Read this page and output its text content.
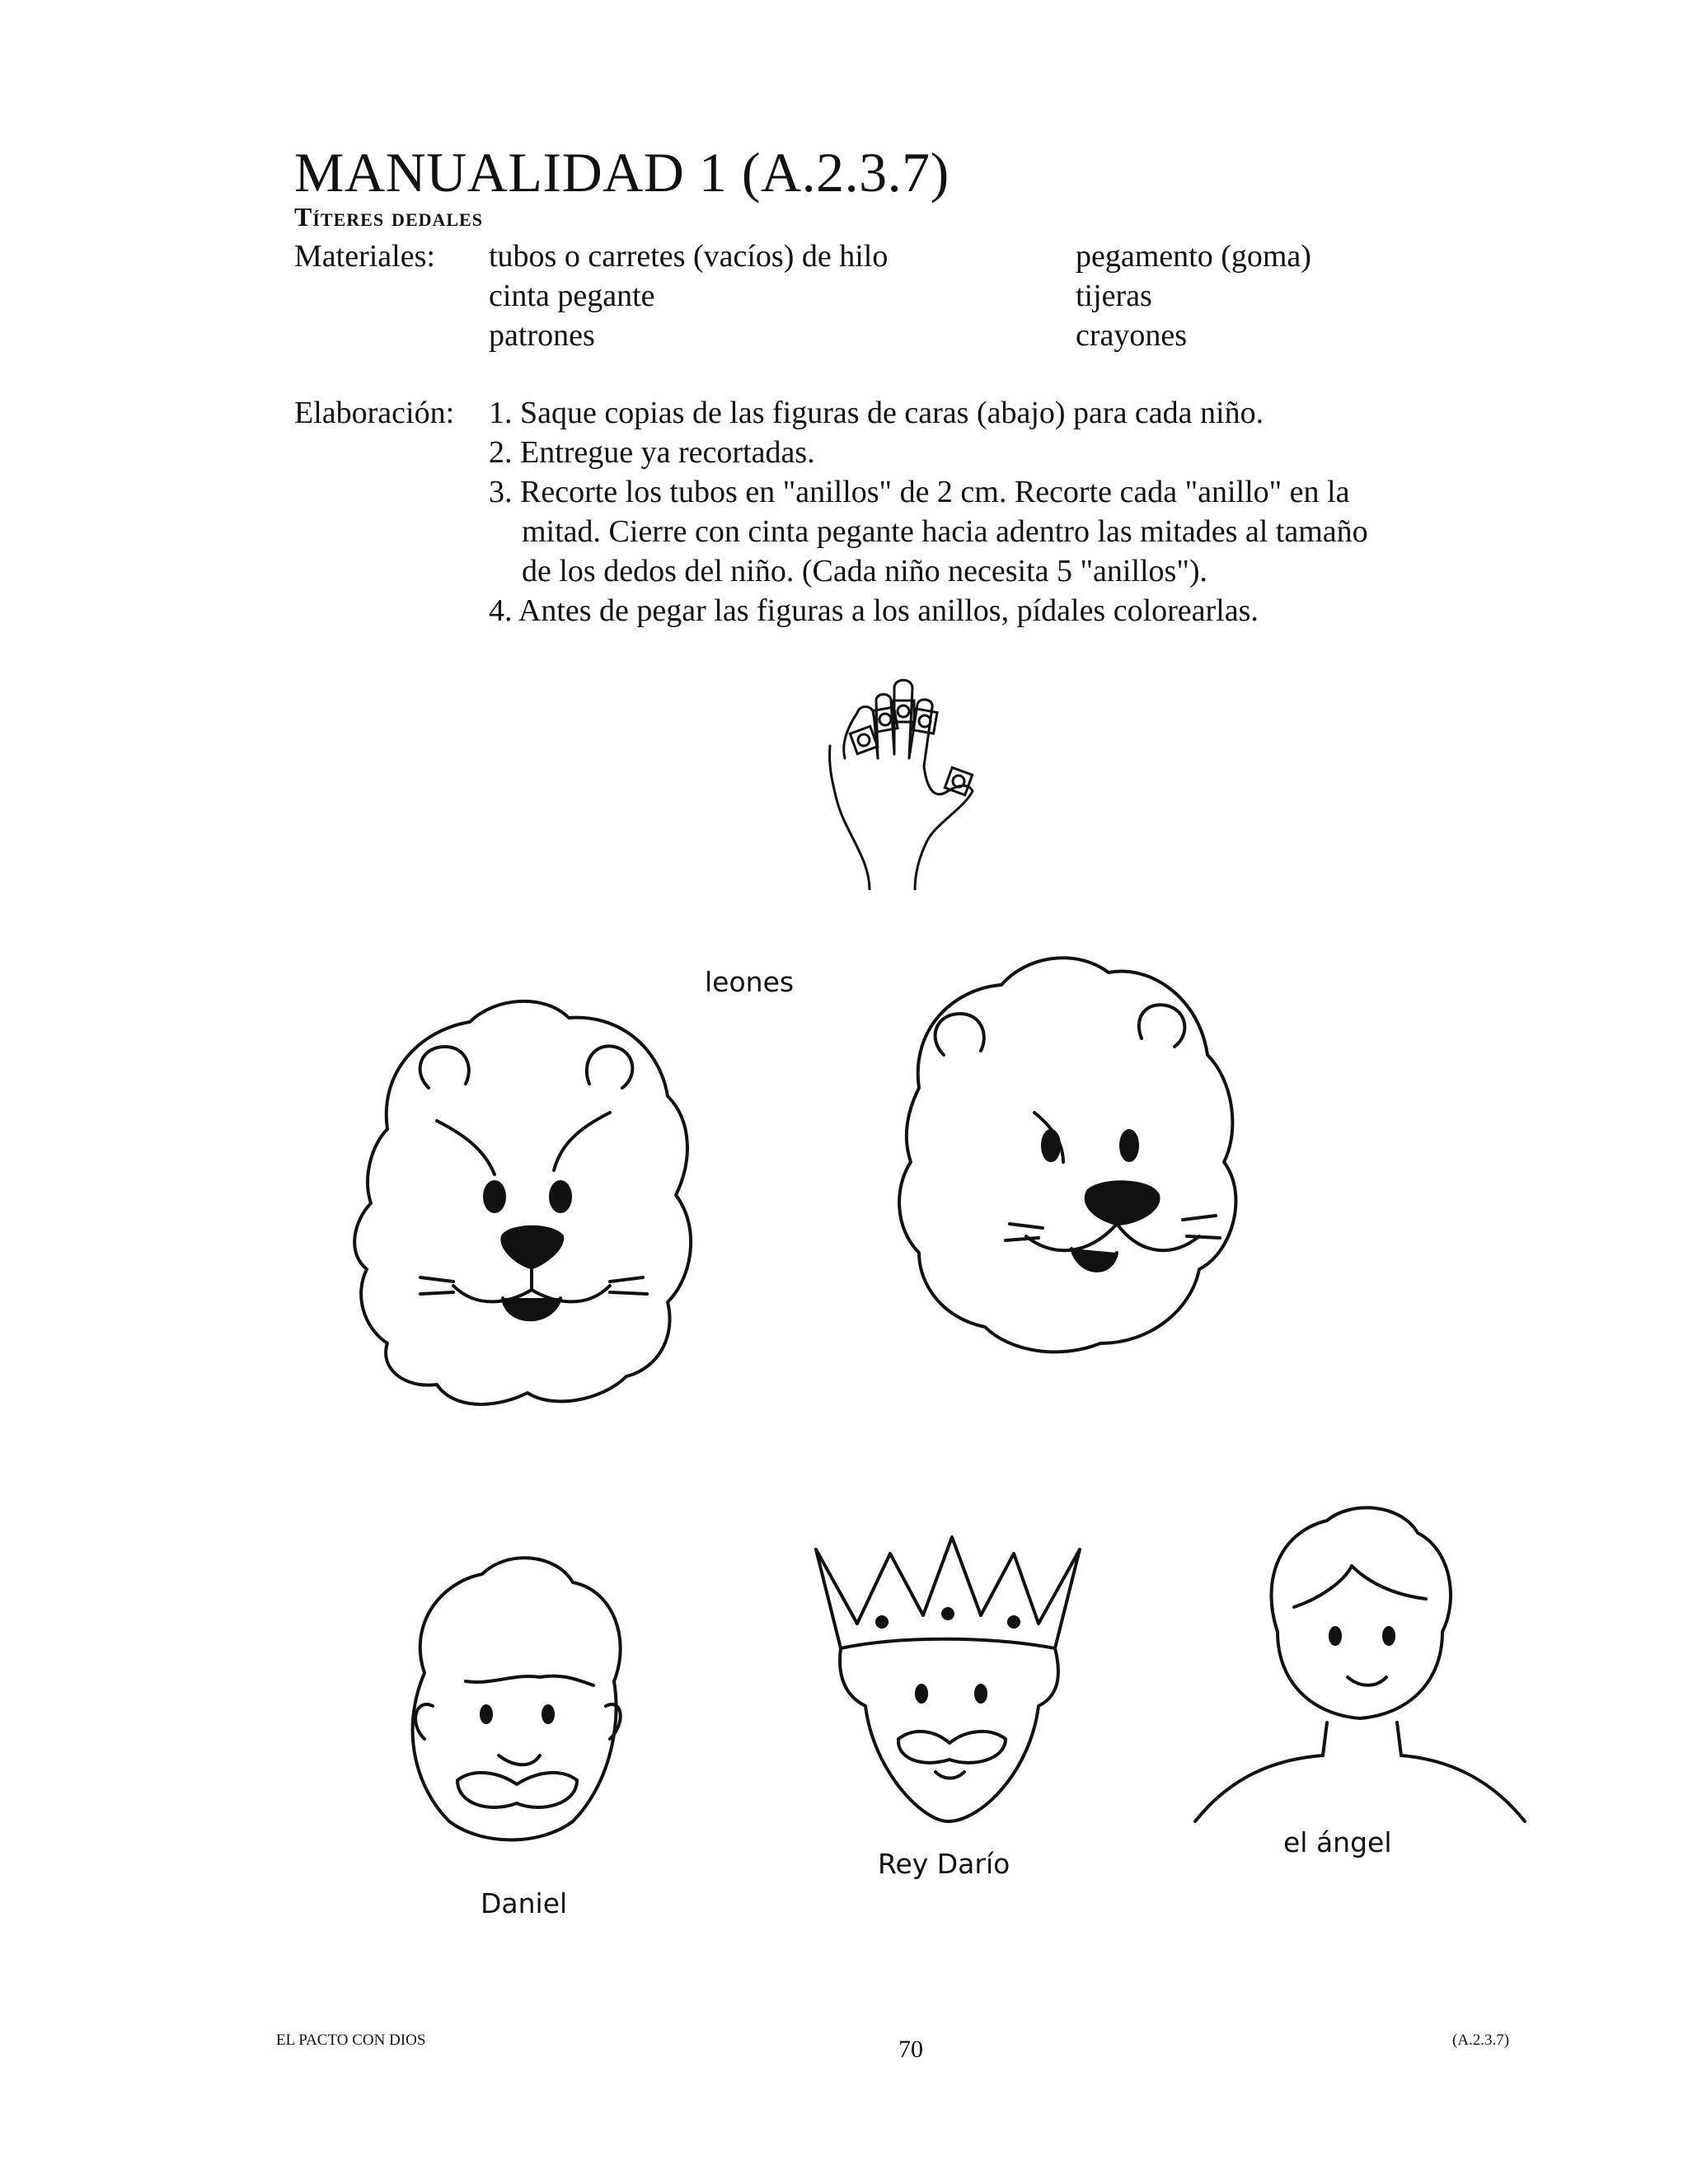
MANUALIDAD 1 (A.2.3.7)
Títeres dedales
Materiales: tubos o carretes (vacíos) de hilo	pegamento (goma)
cinta pegante	tijeras
patrones	crayones
Elaboración: 1. Saque copias de las figuras de caras (abajo) para cada niño.
2. Entregue ya recortadas.
3. Recorte los tubos en "anillos" de 2 cm. Recorte cada "anillo" en la
mitad. Cierre con cinta pegante hacia adentro las mitades al tamaño
de los dedos del niño. (Cada niño necesita 5 "anillos").
4. Antes de pegar las figuras a los anillos, pídales colorearlas.
leones
Daniel
Rey Darío
el ángel
EL PACTO CON DIOS	70	(A.2.3.7)
